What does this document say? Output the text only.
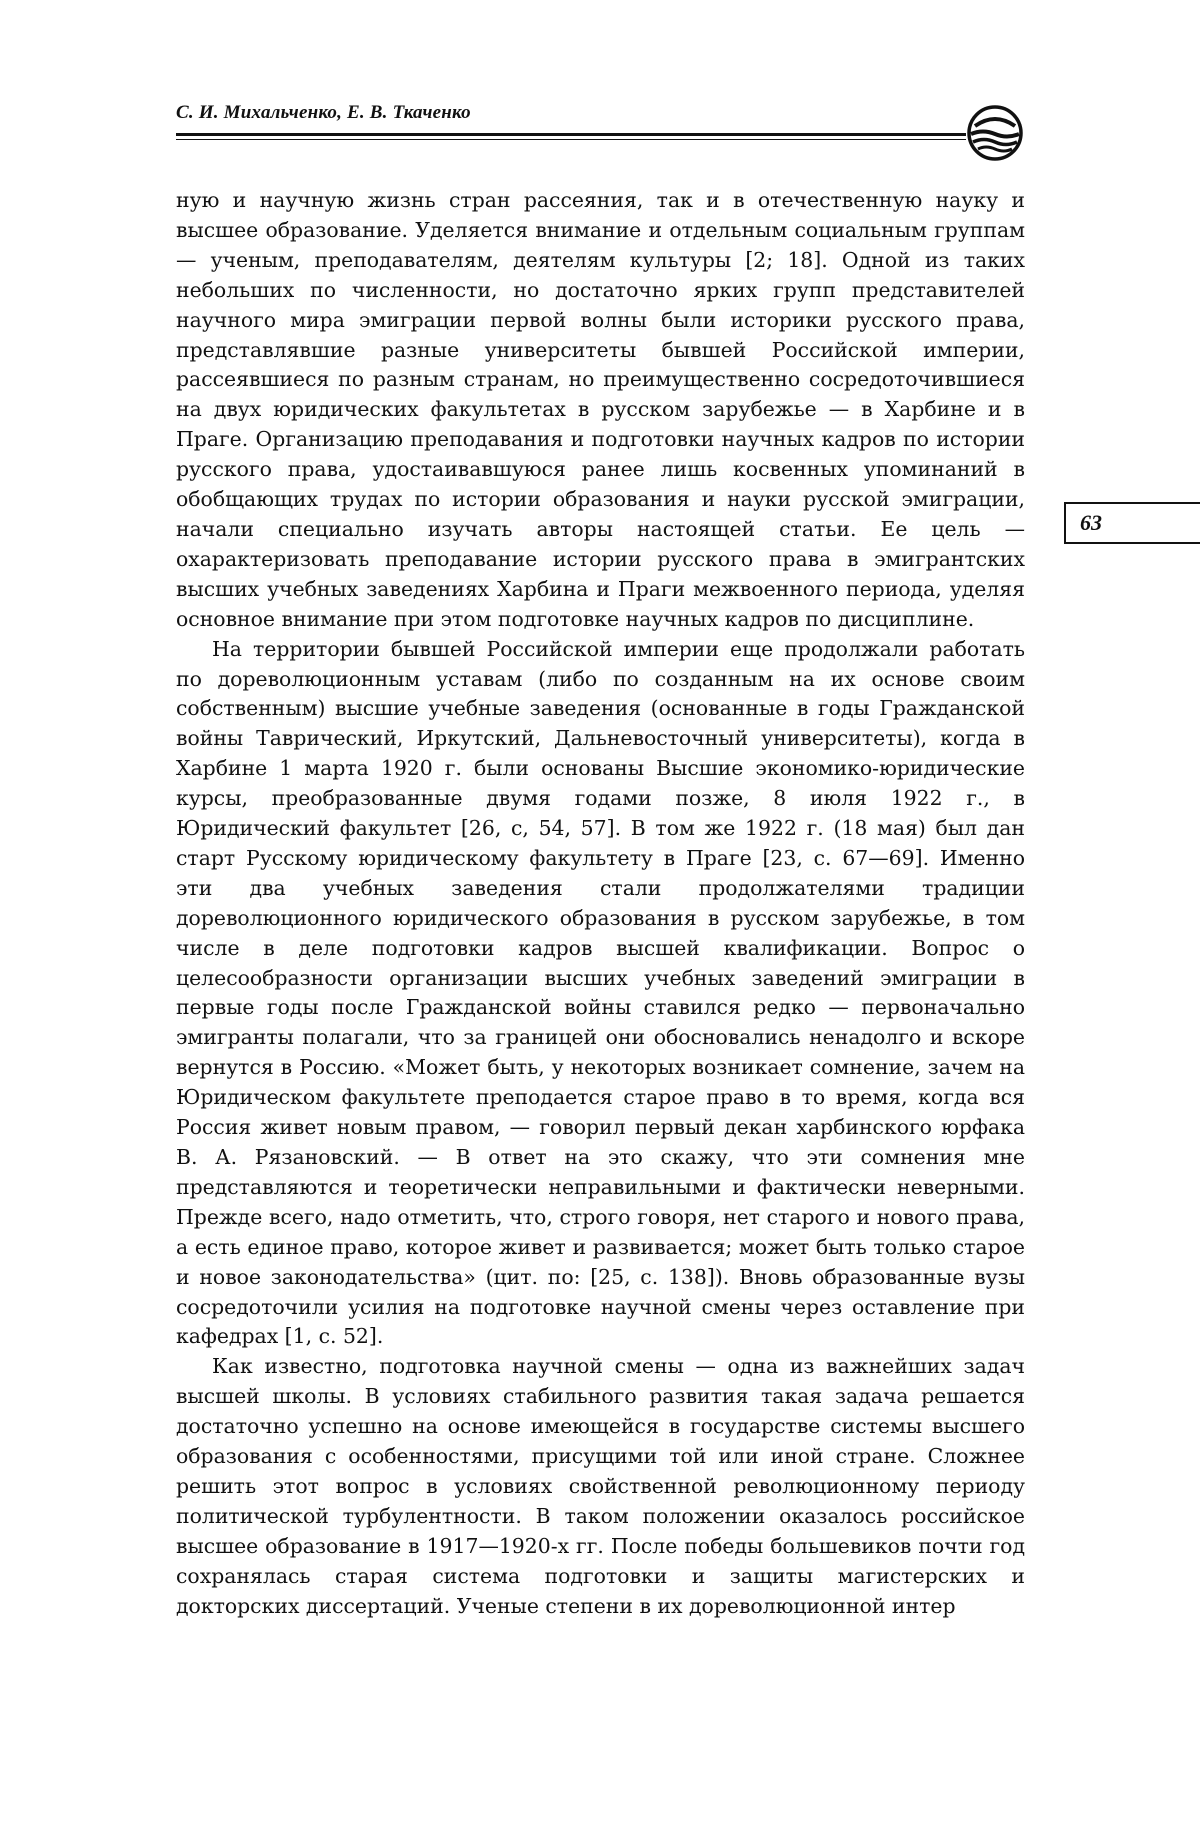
С. И. Михальченко, Е. В. Ткаченко
63

ную и научную жизнь стран рассеяния, так и в отечественную науку и высшее образование. Уделяется внимание и отдельным социальным группам — ученым, преподавателям, деятелям культуры [2; 18]. Одной из таких небольших по численности, но достаточно ярких групп представителей научного мира эмиграции первой волны были историки русского права, представлявшие разные университеты бывшей Российской империи, рассеявшиеся по разным странам, но преимущественно сосредоточившиеся на двух юридических факультетах в русском зарубежье — в Харбине и в Праге. Организацию преподавания и подготовки научных кадров по истории русского права, удостаивавшуюся ранее лишь косвенных упоминаний в обобщающих трудах по истории образования и науки русской эмиграции, начали специально изучать авторы настоящей статьи. Ее цель — охарактеризовать преподавание истории русского права в эмигрантских высших учебных заведениях Харбина и Праги межвоенного периода, уделяя основное внимание при этом подготовке научных кадров по дисциплине.

На территории бывшей Российской империи еще продолжали работать по дореволюционным уставам (либо по созданным на их основе своим собственным) высшие учебные заведения (основанные в годы Гражданской войны Таврический, Иркутский, Дальневосточный университеты), когда в Харбине 1 марта 1920 г. были основаны Высшие экономико-юридические курсы, преобразованные двумя годами позже, 8 июля 1922 г., в Юридический факультет [26, с, 54, 57]. В том же 1922 г. (18 мая) был дан старт Русскому юридическому факультету в Праге [23, с. 67—69]. Именно эти два учебных заведения стали продолжателями традиции дореволюционного юридического образования в русском зарубежье, в том числе в деле подготовки кадров высшей квалификации. Вопрос о целесообразности организации высших учебных заведений эмиграции в первые годы после Гражданской войны ставился редко — первоначально эмигранты полагали, что за границей они обосновались ненадолго и вскоре вернутся в Россию. «Может быть, у некоторых возникает сомнение, зачем на Юридическом факультете преподается старое право в то время, когда вся Россия живет новым правом, — говорил первый декан харбинского юрфака В. А. Рязановский. — В ответ на это скажу, что эти сомнения мне представляются и теоретически неправильными и фактически неверными. Прежде всего, надо отметить, что, строго говоря, нет старого и нового права, а есть единое право, которое живет и развивается; может быть только старое и новое законодательства» (цит. по: [25, с. 138]). Вновь образованные вузы сосредоточили усилия на подготовке научной смены через оставление при кафедрах [1, с. 52].

Как известно, подготовка научной смены — одна из важнейших задач высшей школы. В условиях стабильного развития такая задача решается достаточно успешно на основе имеющейся в государстве системы высшего образования с особенностями, присущими той или иной стране. Сложнее решить этот вопрос в условиях свойственной революционному периоду политической турбулентности. В таком положении оказалось российское высшее образование в 1917—1920-х гг. После победы большевиков почти год сохранялась старая система подготовки и защиты магистерских и докторских диссертаций. Ученые степени в их дореволюционной интер
